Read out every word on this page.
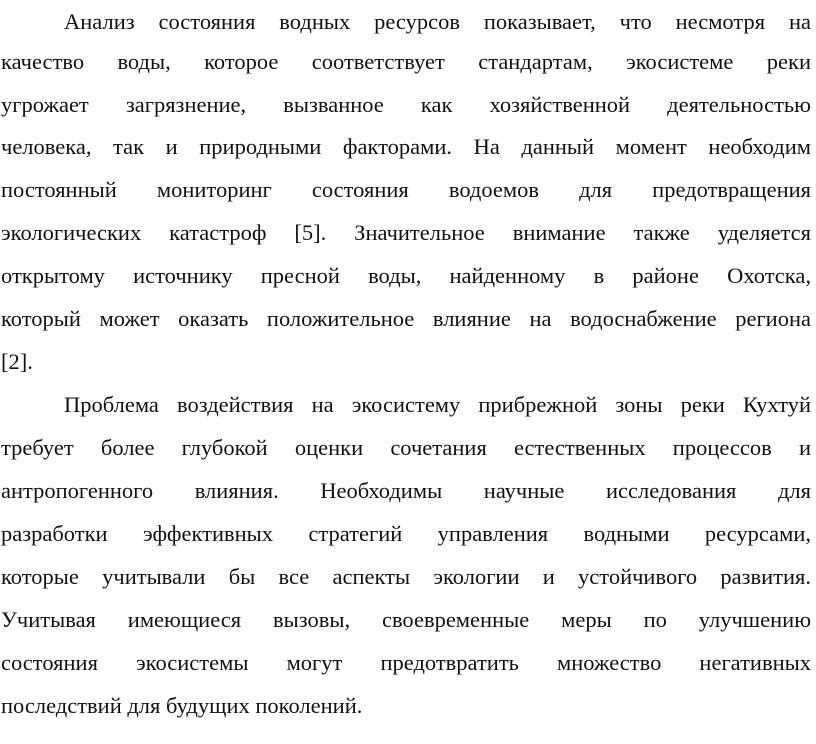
Анализ состояния водных ресурсов показывает, что несмотря на
качество воды, которое соответствует стандартам, экосистеме реки
угрожает загрязнение, вызванное как хозяйственной деятельностью
человека, так и природными факторами. На данный момент необходим
постоянный мониторинг состояния водоемов для предотвращения
экологических катастроф [5]. Значительное внимание также уделяется
открытому источнику пресной воды, найденному в районе Охотска,
который может оказать положительное влияние на водоснабжение региона
[2].
Проблема воздействия на экосистему прибрежной зоны реки Кухтуй
требует более глубокой оценки сочетания естественных процессов и
антропогенного влияния. Необходимы научные исследования для
разработки эффективных стратегий управления водными ресурсами,
которые учитывали бы все аспекты экологии и устойчивого развития.
Учитывая имеющиеся вызовы, своевременные меры по улучшению
состояния экосистемы могут предотвратить множество негативных
последствий для будущих поколений.
